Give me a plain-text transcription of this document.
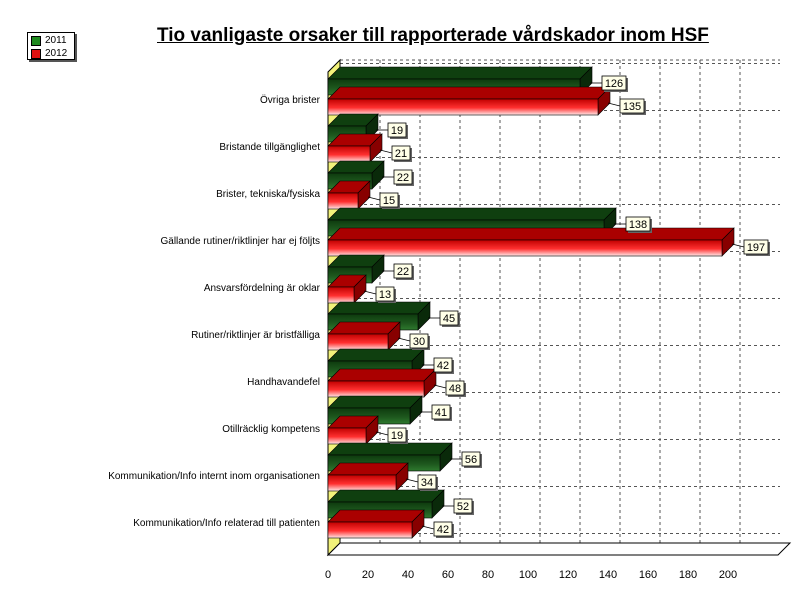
0	20	40	60	80 100 120 140 160 180 200
126
135
Övriga brister
19
21
Bristande tillgänglighet
22
15
Brister, tekniska/fysiska
138
197
Gällande rutiner/riktlinjer har ej följts
22
13
Ansvarsfördelning är oklar
45
30
Rutiner/riktlinjer är bristfälliga
42
48
Handhavandefel
41
19
Otillräcklig kompetens
56
34
Kommunikation/Info internt inom organisationen
52
42
Kommunikation/Info relaterad till patienten
Tio vanligaste orsaker till rapporterade vårdskador inom HSF
2011
2012
